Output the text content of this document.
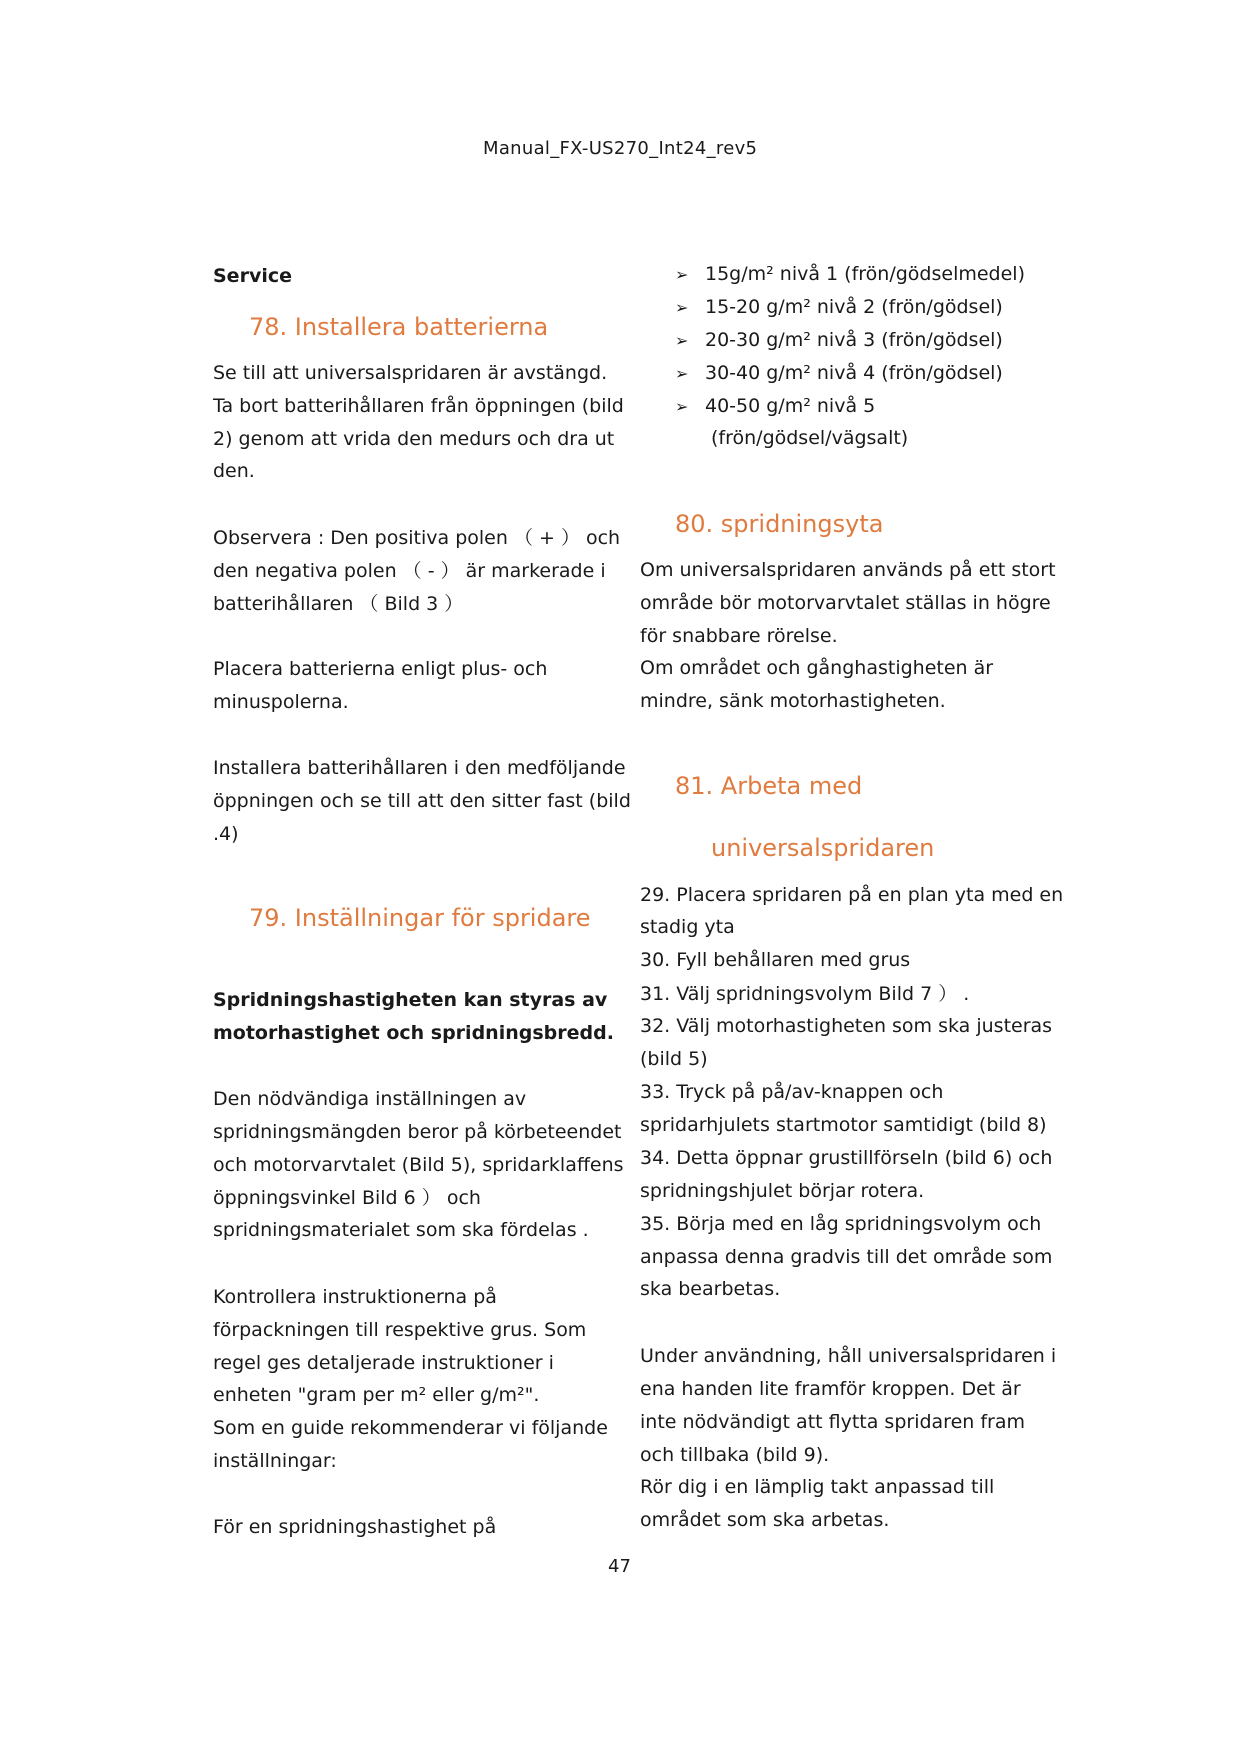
Manual_FX-US270_Int24_rev5
Service
78. Installera batterierna
Se till att universalspridaren är avstängd.
Ta bort batterihållaren från öppningen (bild
2) genom att vrida den medurs och dra ut
den.
Observera : Den positiva polen （ + ） och
den negativa polen （ - ） är markerade i
batterihållaren （ Bild 3 ）
Placera batterierna enligt plus- och
minuspolerna.
Installera batterihållaren i den medföljande
öppningen och se till att den sitter fast (bild
.4)
79. Inställningar för spridare
Spridningshastigheten kan styras av
motorhastighet och spridningsbredd.
Den nödvändiga inställningen av
spridningsmängden beror på körbeteendet
och motorvarvtalet (Bild 5), spridarklaffens
öppningsvinkel Bild 6 ） och
spridningsmaterialet som ska fördelas .
Kontrollera instruktionerna på
förpackningen till respektive grus. Som
regel ges detaljerade instruktioner i
enheten "gram per m² eller g/m²".
Som en guide rekommenderar vi följande
inställningar:
För en spridningshastighet på
➢ 15g/m² nivå 1 (frön/gödselmedel)
➢ 15-20 g/m² nivå 2 (frön/gödsel)
➢ 20-30 g/m² nivå 3 (frön/gödsel)
➢ 30-40 g/m² nivå 4 (frön/gödsel)
➢ 40-50 g/m² nivå 5
(frön/gödsel/vägsalt)
80. spridningsyta
Om universalspridaren används på ett stort
område bör motorvarvtalet ställas in högre
för snabbare rörelse.
Om området och gånghastigheten är
mindre, sänk motorhastigheten.
81. Arbeta med
universalspridaren
29. Placera spridaren på en plan yta med en
stadig yta
30. Fyll behållaren med grus
31. Välj spridningsvolym Bild 7 ） .
32. Välj motorhastigheten som ska justeras
(bild 5)
33. Tryck på på/av-knappen och
spridarhjulets startmotor samtidigt (bild 8)
34. Detta öppnar grustillförseln (bild 6) och
spridningshjulet börjar rotera.
35. Börja med en låg spridningsvolym och
anpassa denna gradvis till det område som
ska bearbetas.
Under användning, håll universalspridaren i
ena handen lite framför kroppen. Det är
inte nödvändigt att flytta spridaren fram
och tillbaka (bild 9).
Rör dig i en lämplig takt anpassad till
området som ska arbetas.
47
